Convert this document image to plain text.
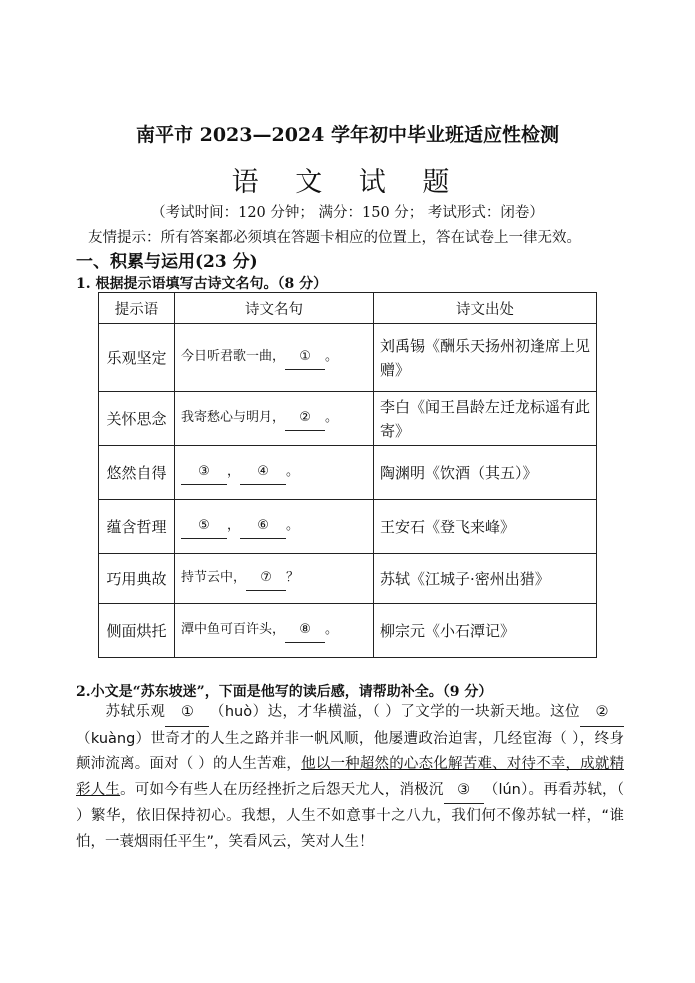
南平市 2023—2024 学年初中毕业班适应性检测
语 文 试 题
（考试时间：120 分钟； 满分：150 分； 考试形式：闭卷）
友情提示：所有答案都必须填在答题卡相应的位置上，答在试卷上一律无效。
一、积累与运用(23 分)
1. 根据提示语填写古诗文名句。（8 分）
提示语	诗文名句	诗文出处
乐观坚定	今日听君歌一曲， ① 。	刘禹锡《酬乐天扬州初逢席上见赠》
关怀思念	我寄愁心与明月， ② 。	李白《闻王昌龄左迁龙标遥有此寄》
悠然自得	③ ， ④ 。	陶渊明《饮酒（其五）》
蕴含哲理	⑤ ， ⑥ 。	王安石《登飞来峰》
巧用典故	持节云中， ⑦ ？	苏轼《江城子·密州出猎》
侧面烘托	潭中鱼可百许头， ⑧ 。	柳宗元《小石潭记》
2.小文是“苏东坡迷”，下面是他写的读后感，请帮助补全。（9 分）
苏轼乐观 ① （huò）达，才华横溢，（ ）了文学的一块新天地。这位 ②（kuàng）世奇才的人生之路并非一帆风顺，他屡遭政治迫害，几经宦海（ ），终身颠沛流离。面对（ ）的人生苦难，他以一种超然的心态化解苦难、对待不幸，成就精彩人生。可如今有些人在历经挫折之后怨天尤人，消极沉 ③ （lún）。再看苏轼，（ ）繁华，依旧保持初心。我想，人生不如意事十之八九，我们何不像苏轼一样，“谁怕，一蓑烟雨任平生”，笑看风云，笑对人生！
